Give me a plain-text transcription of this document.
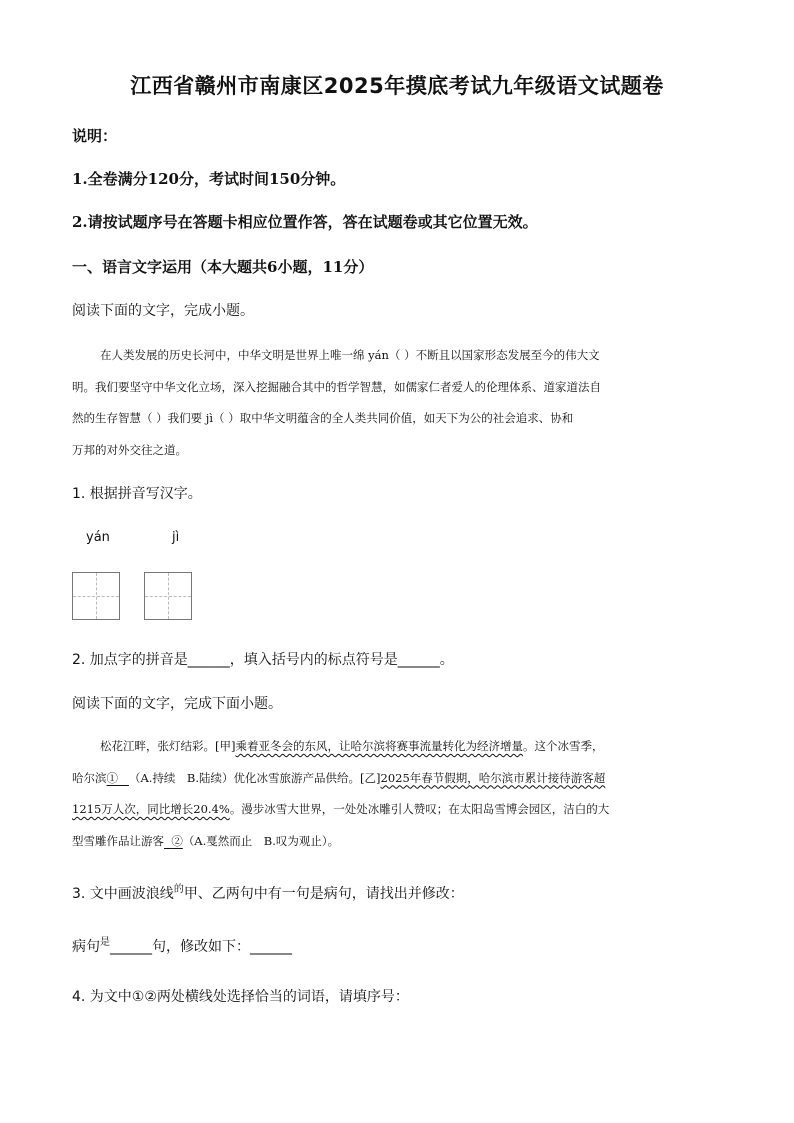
江西省赣州市南康区2025年摸底考试九年级语文试题卷
说明：
1.全卷满分120分，考试时间150分钟。
2.请按试题序号在答题卡相应位置作答，答在试题卷或其它位置无效。
一、语言文字运用（本大题共6小题，11分）
阅读下面的文字，完成小题。
在人类发展的历史长河中，中华文明是世界上唯一绵 yán（ ）不断且以国家形态发展至今的伟大文
明。我们要坚守中华文化立场，深入挖掘融合其中的哲学智慧，如儒家仁者爱人的伦理体系、道家道法自
然的生存智慧（ ）我们要 jì（ ）取中华文明蕴含的全人类共同价值，如天下为公的社会追求、协和
万邦的对外交往之道。
1. 根据拼音写汉字。
yán	jì
2. 加点字的拼音是______，填入括号内的标点符号是______。
阅读下面的文字，完成下面小题。
松花江畔，张灯结彩。[甲]乘着亚冬会的东风，让哈尔滨将赛事流量转化为经济增量。这个冰雪季，
哈尔滨① （A.持续　B.陆续）优化冰雪旅游产品供给。[乙]2025年春节假期，哈尔滨市累计接待游客超
1215万人次，同比增长20.4%。漫步冰雪大世界，一处处冰雕引人赞叹；在太阳岛雪博会园区，洁白的大
型雪雕作品让游客 ②（A.戛然而止　B.叹为观止）。
3. 文中画波浪线$^的$甲、乙两句中有一句是病句，请找出并修改：
病句$^是$______句，修改如下：______
4. 为文中①②两处横线处选择恰当的词语，请填序号：
